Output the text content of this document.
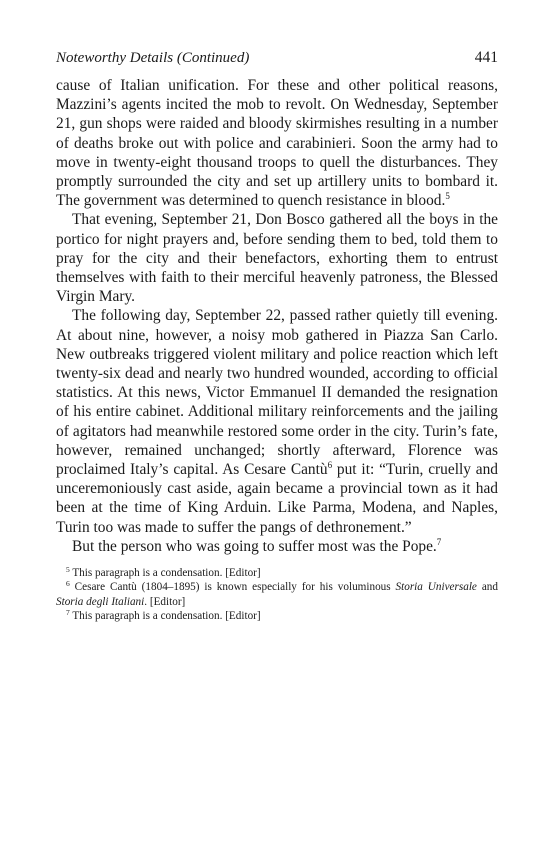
Noteworthy Details (Continued)	441

cause of Italian unification. For these and other political reasons, Mazzini’s agents incited the mob to revolt. On Wednesday, September 21, gun shops were raided and bloody skirmishes resulting in a number of deaths broke out with police and carabinieri. Soon the army had to move in twenty-eight thousand troops to quell the disturbances. They promptly surrounded the city and set up artillery units to bombard it. The government was determined to quench resistance in blood.$^5$

That evening, September 21, Don Bosco gathered all the boys in the portico for night prayers and, before sending them to bed, told them to pray for the city and their benefactors, exhorting them to entrust themselves with faith to their merciful heavenly patroness, the Blessed Virgin Mary.

The following day, September 22, passed rather quietly till evening. At about nine, however, a noisy mob gathered in Piazza San Carlo. New outbreaks triggered violent military and police reaction which left twenty-six dead and nearly two hundred wounded, according to official statistics. At this news, Victor Emmanuel II demanded the resignation of his entire cabinet. Additional military reinforcements and the jailing of agitators had meanwhile restored some order in the city. Turin’s fate, however, remained unchanged; shortly afterward, Florence was proclaimed Italy’s capital. As Cesare Cantù$^6$ put it: “Turin, cruelly and unceremoniously cast aside, again became a provincial town as it had been at the time of King Arduin. Like Parma, Modena, and Naples, Turin too was made to suffer the pangs of dethronement.”

But the person who was going to suffer most was the Pope.$^7$

$^5$ This paragraph is a condensation. [Editor]

$^6$ Cesare Cantù (1804–1895) is known especially for his voluminous Storia Universale and Storia degli Italiani. [Editor]

$^7$ This paragraph is a condensation. [Editor]
